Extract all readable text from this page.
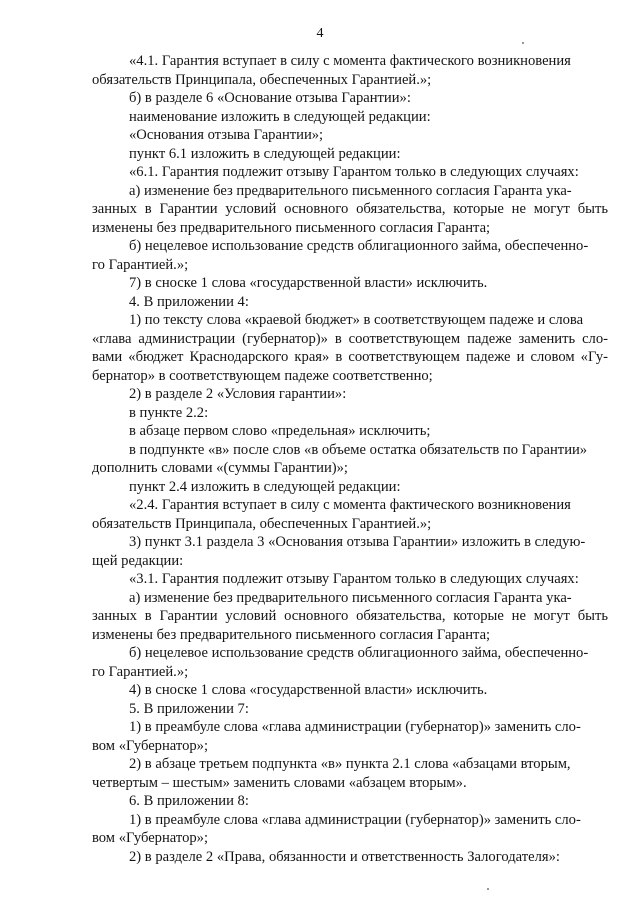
4
«4.1. Гарантия вступает в силу с момента фактического возникновения
обязательств Принципала, обеспеченных Гарантией.»;
б) в разделе 6 «Основание отзыва Гарантии»:
наименование изложить в следующей редакции:
«Основания отзыва Гарантии»;
пункт 6.1 изложить в следующей редакции:
«6.1. Гарантия подлежит отзыву Гарантом только в следующих случаях:
а) изменение без предварительного письменного согласия Гаранта ука-
занных в Гарантии условий основного обязательства, которые не могут быть
изменены без предварительного письменного согласия Гаранта;
б) нецелевое использование средств облигационного займа, обеспеченно-
го Гарантией.»;
7) в сноске 1 слова «государственной власти» исключить.
4. В приложении 4:
1) по тексту слова «краевой бюджет» в соответствующем падеже и слова
«глава администрации (губернатор)» в соответствующем падеже заменить сло-
вами «бюджет Краснодарского края» в соответствующем падеже и словом «Гу-
бернатор» в соответствующем падеже соответственно;
2) в разделе 2 «Условия гарантии»:
в пункте 2.2:
в абзаце первом слово «предельная» исключить;
в подпункте «в» после слов «в объеме остатка обязательств по Гарантии»
дополнить словами «(суммы Гарантии)»;
пункт 2.4 изложить в следующей редакции:
«2.4. Гарантия вступает в силу с момента фактического возникновения
обязательств Принципала, обеспеченных Гарантией.»;
3) пункт 3.1 раздела 3 «Основания отзыва Гарантии» изложить в следую-
щей редакции:
«3.1. Гарантия подлежит отзыву Гарантом только в следующих случаях:
а) изменение без предварительного письменного согласия Гаранта ука-
занных в Гарантии условий основного обязательства, которые не могут быть
изменены без предварительного письменного согласия Гаранта;
б) нецелевое использование средств облигационного займа, обеспеченно-
го Гарантией.»;
4) в сноске 1 слова «государственной власти» исключить.
5. В приложении 7:
1) в преамбуле слова «глава администрации (губернатор)» заменить сло-
вом «Губернатор»;
2) в абзаце третьем подпункта «в» пункта 2.1 слова «абзацами вторым,
четвертым – шестым» заменить словами «абзацем вторым».
6. В приложении 8:
1) в преамбуле слова «глава администрации (губернатор)» заменить сло-
вом «Губернатор»;
2) в разделе 2 «Права, обязанности и ответственность Залогодателя»:
